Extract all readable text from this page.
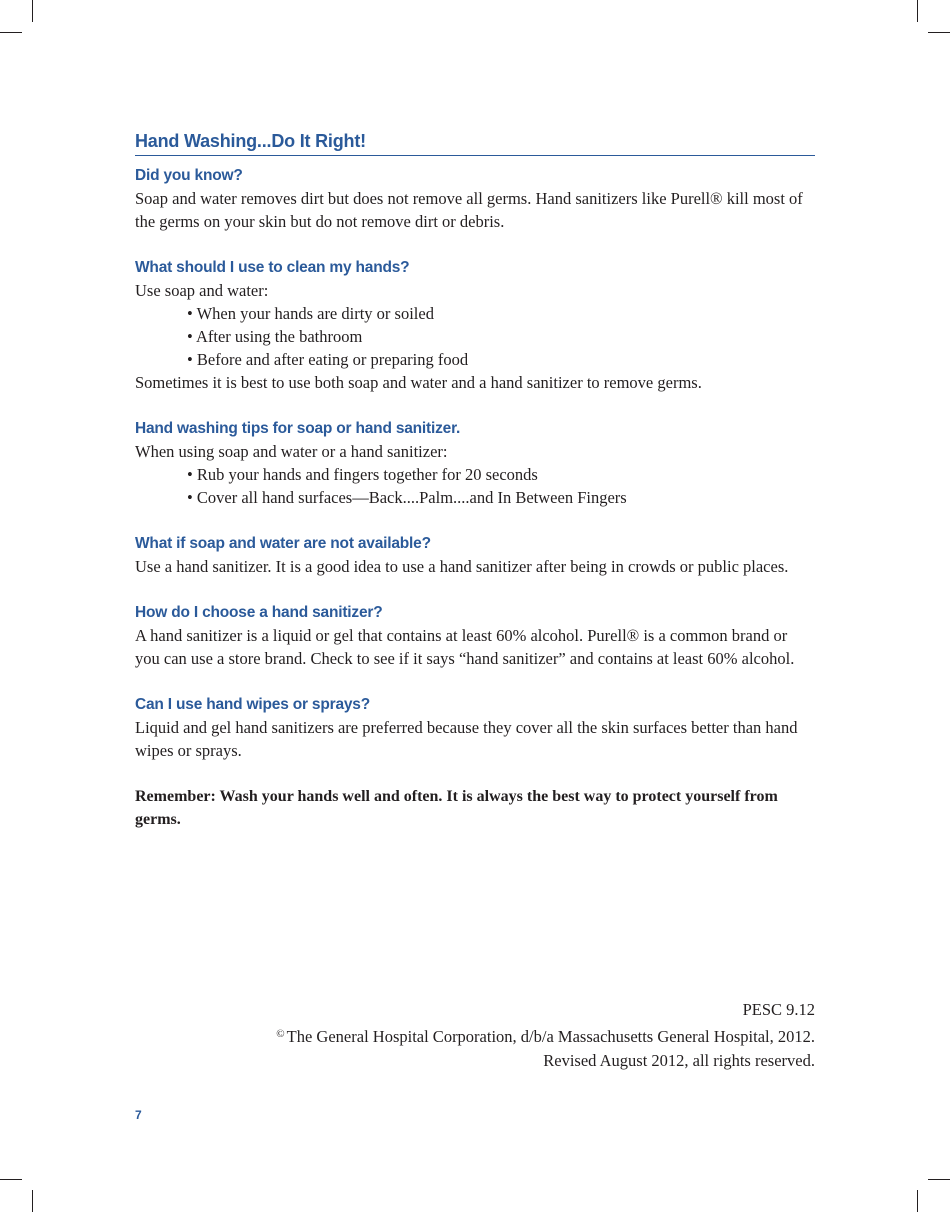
Hand Washing...Do It Right!
Did you know?
Soap and water removes dirt but does not remove all germs. Hand sanitizers like Purell® kill most of the germs on your skin but do not remove dirt or debris.
What should I use to clean my hands?
Use soap and water:
• When your hands are dirty or soiled
• After using the bathroom
• Before and after eating or preparing food
Sometimes it is best to use both soap and water and a hand sanitizer to remove germs.
Hand washing tips for soap or hand sanitizer.
When using soap and water or a hand sanitizer:
• Rub your hands and fingers together for 20 seconds
• Cover all hand surfaces—Back....Palm....and In Between Fingers
What if soap and water are not available?
Use a hand sanitizer. It is a good idea to use a hand sanitizer after being in crowds or public places.
How do I choose a hand sanitizer?
A hand sanitizer is a liquid or gel that contains at least 60% alcohol. Purell® is a common brand or you can use a store brand. Check to see if it says “hand sanitizer” and contains at least 60% alcohol.
Can I use hand wipes or sprays?
Liquid and gel hand sanitizers are preferred because they cover all the skin surfaces better than hand wipes or sprays.
Remember: Wash your hands well and often. It is always the best way to protect yourself from germs.
PESC 9.12
© The General Hospital Corporation, d/b/a Massachusetts General Hospital, 2012.
Revised August 2012, all rights reserved.
7
